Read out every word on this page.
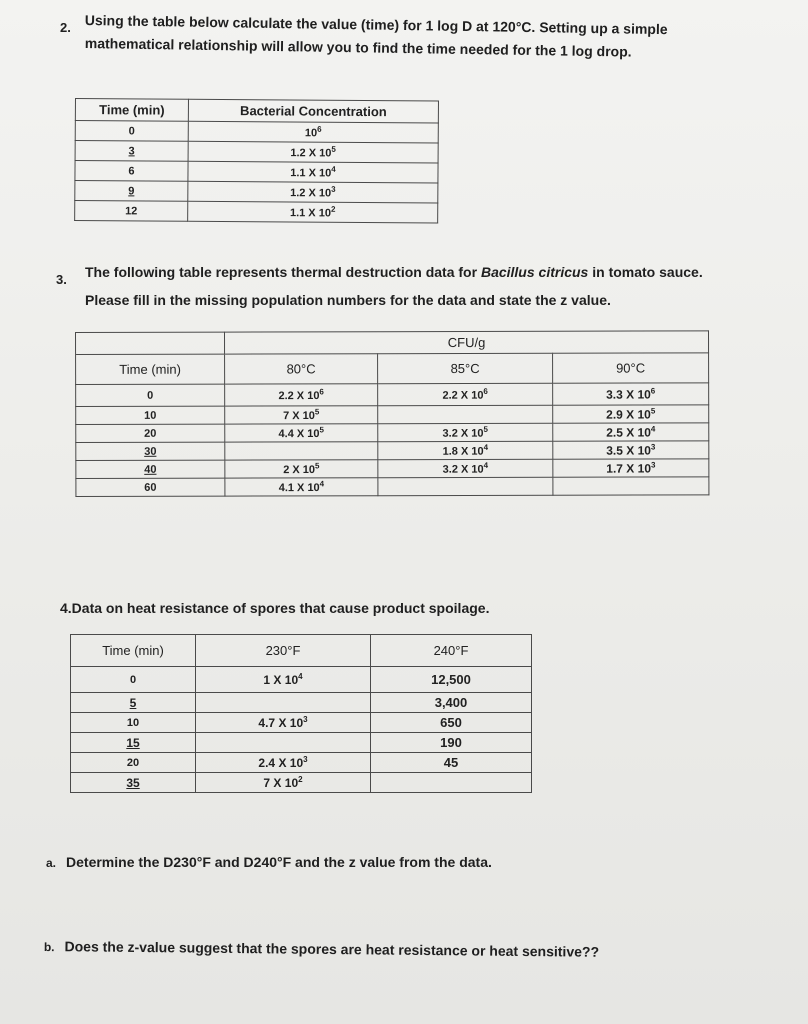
2. Using the table below calculate the value (time) for 1 log D at 120°C. Setting up a simple
mathematical relationship will allow you to find the time needed for the 1 log drop.
Time (min)	Bacterial Concentration
0	$10^6$
3	1.2 X $10^5$
6	1.1 X $10^4$
9	1.2 X $10^3$
12	1.1 X $10^2$
3. The following table represents thermal destruction data for Bacillus citricus in tomato sauce.
Please fill in the missing population numbers for the data and state the z value.
	CFU/g		
Time (min)	80°C	85°C	90°C
0	2.2 X $10^6$	2.2 X $10^6$	3.3 X $10^6$
10	7 X $10^5$		2.9 X $10^5$
20	4.4 X $10^5$	3.2 X $10^5$	2.5 X $10^4$
30		1.8 X $10^4$	3.5 X $10^3$
40	2 X $10^5$	3.2 X $10^4$	1.7 X $10^3$
60	4.1 X $10^4$		
4.Data on heat resistance of spores that cause product spoilage.
Time (min)	230°F	240°F
0	1 X $10^4$	12,500
5		3,400
10	4.7 X $10^3$	650
15		190
20	2.4 X $10^3$	45
35	7 X $10^2$	
a. Determine the D230°F and D240°F and the z value from the data.
b. Does the z-value suggest that the spores are heat resistance or heat sensitive??
